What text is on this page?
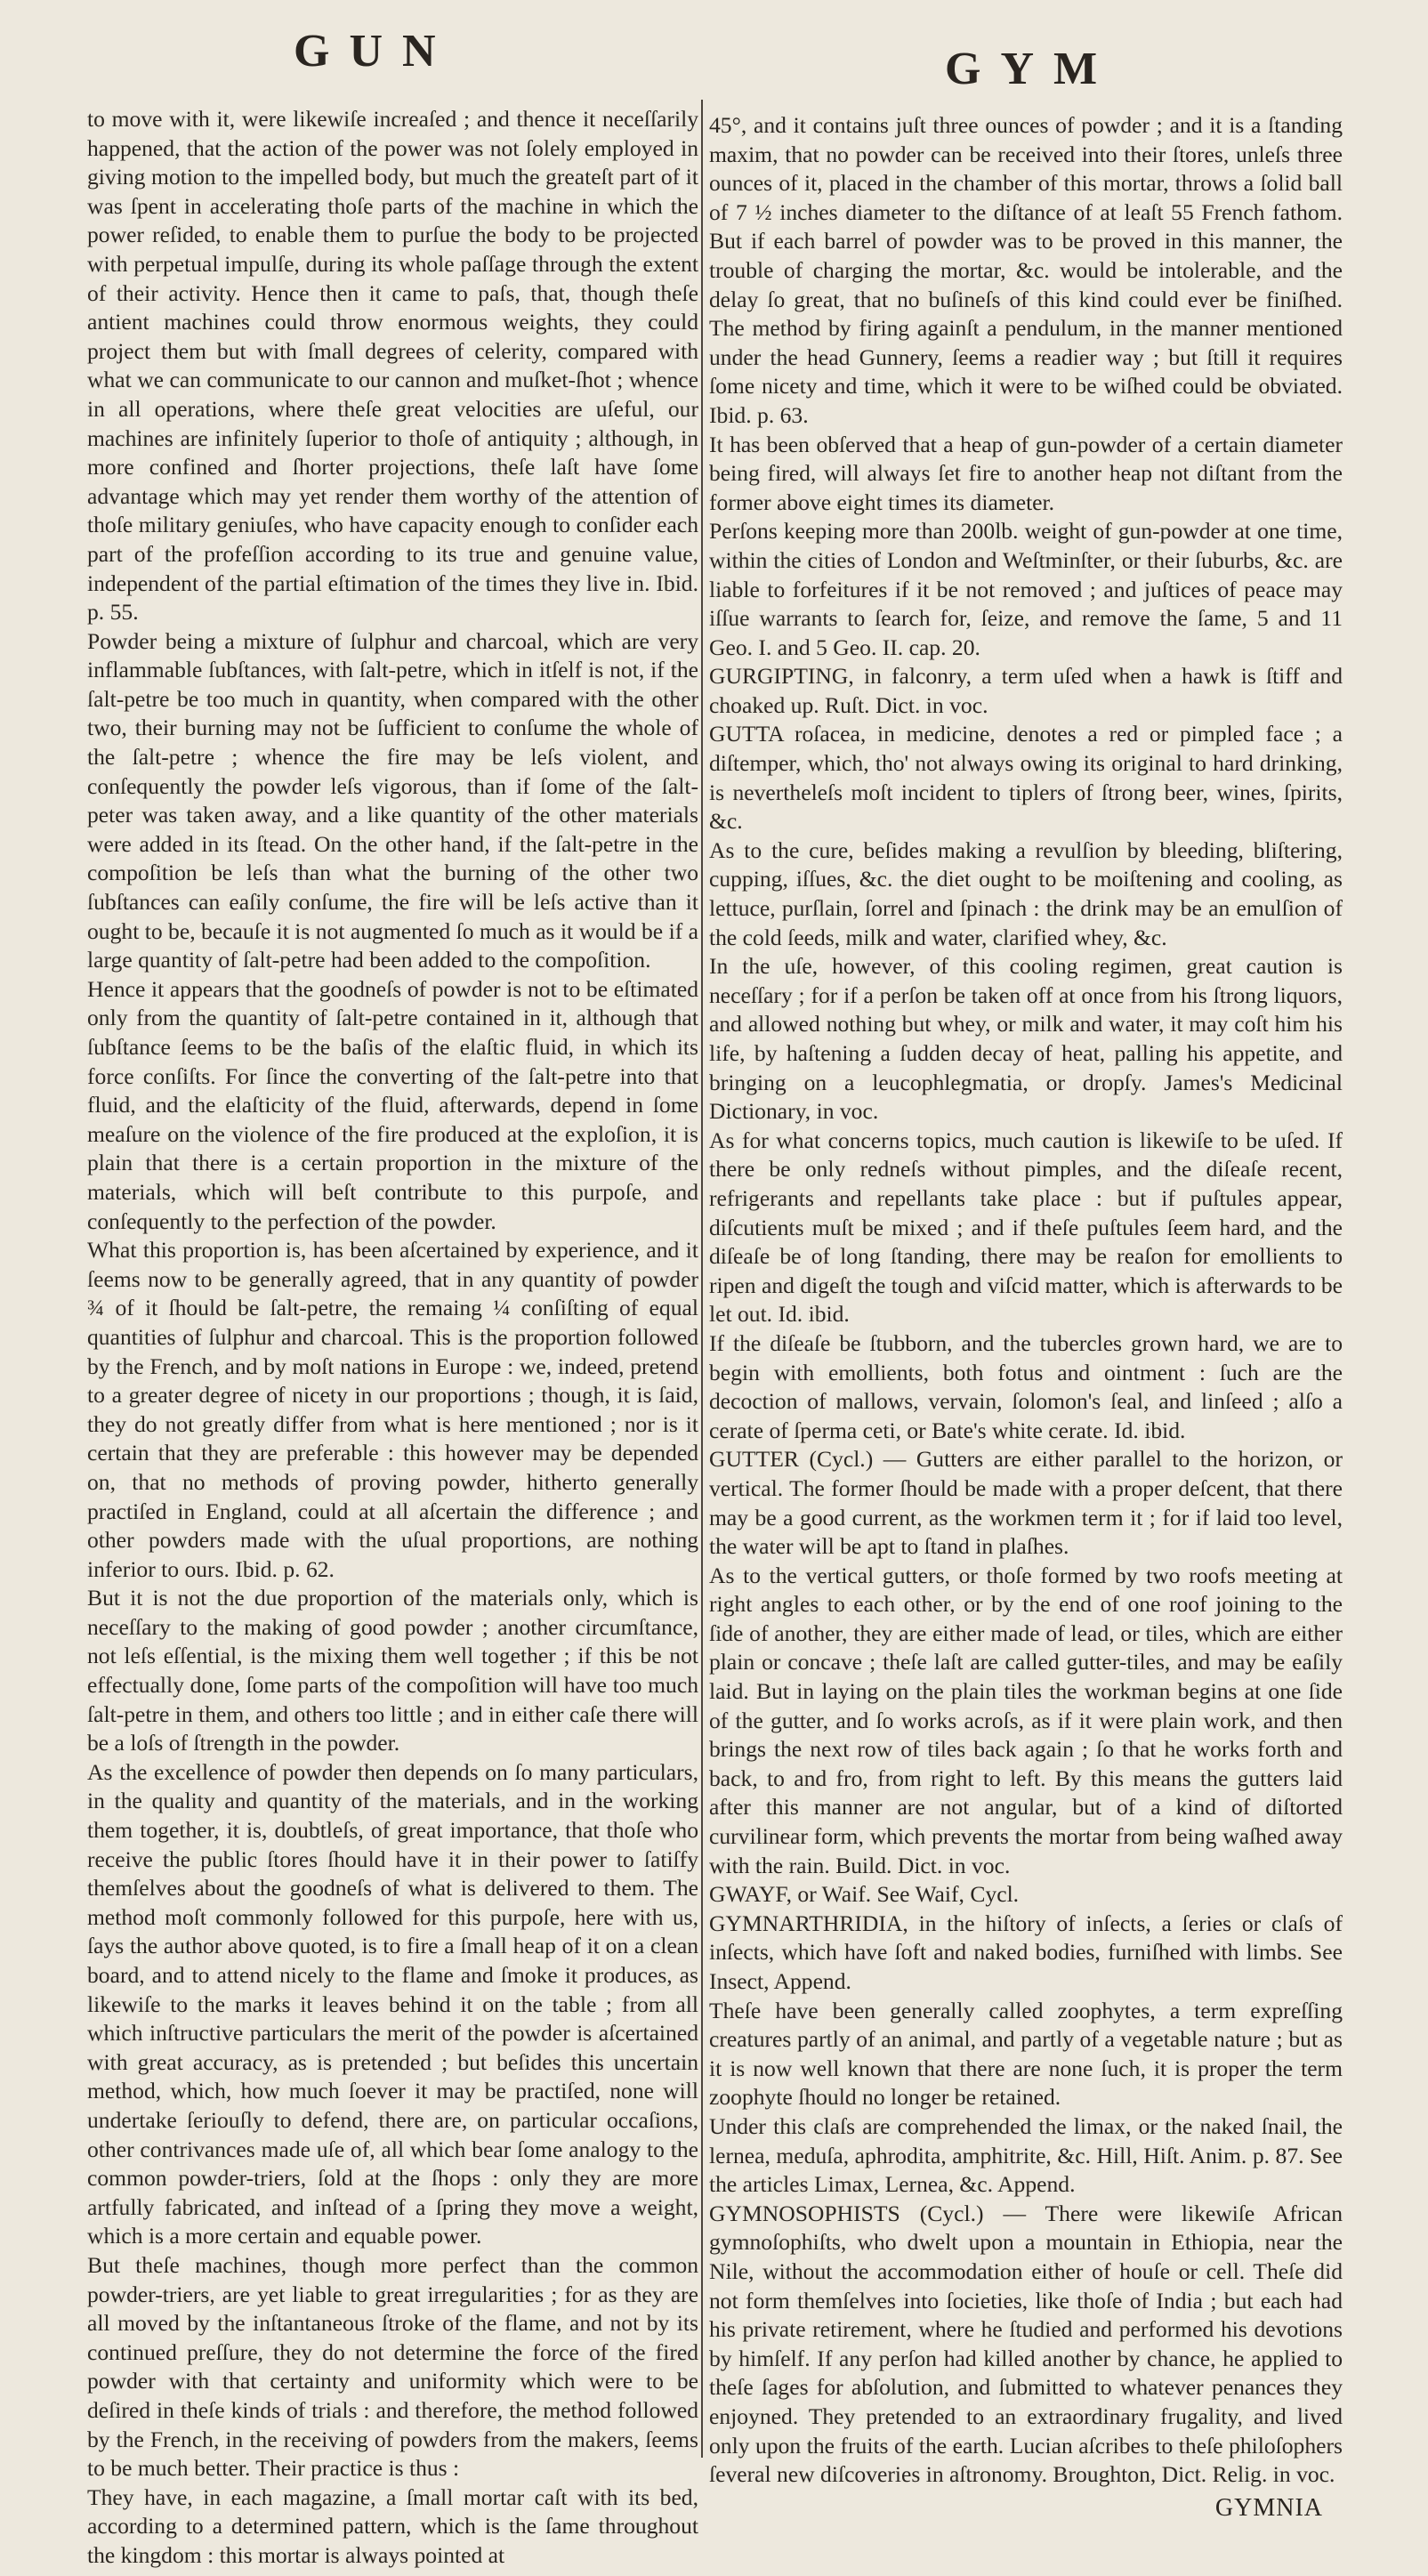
GUN	GYM

to move with it, were likewiſe increaſed ; and thence it neceſſarily happened, that the action of the power was not ſolely employed in giving motion to the impelled body, but much the greateſt part of it was ſpent in accelerating thoſe parts of the machine in which the power reſided, to enable them to purſue the body to be projected with perpetual impulſe, during its whole paſſage through the extent of their activity. Hence then it came to paſs, that, though theſe antient machines could throw enormous weights, they could project them but with ſmall degrees of celerity, compared with what we can communicate to our cannon and muſket-ſhot ; whence in all operations, where theſe great velocities are uſeful, our machines are infinitely ſuperior to thoſe of antiquity ; although, in more confined and ſhorter projections, theſe laſt have ſome advantage which may yet render them worthy of the attention of thoſe military geniuſes, who have capacity enough to conſider each part of the profeſſion according to its true and genuine value, independent of the partial eſtimation of the times they live in. Ibid. p. 55.

Powder being a mixture of ſulphur and charcoal, which are very inflammable ſubſtances, with ſalt-petre, which in itſelf is not, if the ſalt-petre be too much in quantity, when compared with the other two, their burning may not be ſufficient to conſume the whole of the ſalt-petre ; whence the fire may be leſs violent, and conſequently the powder leſs vigorous, than if ſome of the ſalt-peter was taken away, and a like quantity of the other materials were added in its ſtead. On the other hand, if the ſalt-petre in the compoſition be leſs than what the burning of the other two ſubſtances can eaſily conſume, the fire will be leſs active than it ought to be, becauſe it is not augmented ſo much as it would be if a large quantity of ſalt-petre had been added to the compoſition.

Hence it appears that the goodneſs of powder is not to be eſtimated only from the quantity of ſalt-petre contained in it, although that ſubſtance ſeems to be the baſis of the elaſtic fluid, in which its force conſiſts. For ſince the converting of the ſalt-petre into that fluid, and the elaſticity of the fluid, afterwards, depend in ſome meaſure on the violence of the fire produced at the exploſion, it is plain that there is a certain proportion in the mixture of the materials, which will beſt contribute to this purpoſe, and conſequently to the perfection of the powder.

What this proportion is, has been aſcertained by experience, and it ſeems now to be generally agreed, that in any quantity of powder ¾ of it ſhould be ſalt-petre, the remaing ¼ conſiſting of equal quantities of ſulphur and charcoal. This is the proportion followed by the French, and by moſt nations in Europe : we, indeed, pretend to a greater degree of nicety in our proportions ; though, it is ſaid, they do not greatly differ from what is here mentioned ; nor is it certain that they are preferable : this however may be depended on, that no methods of proving powder, hitherto generally practiſed in England, could at all aſcertain the difference ; and other powders made with the uſual proportions, are nothing inferior to ours. Ibid. p. 62.

But it is not the due proportion of the materials only, which is neceſſary to the making of good powder ; another circumſtance, not leſs eſſential, is the mixing them well together ; if this be not effectually done, ſome parts of the compoſition will have too much ſalt-petre in them, and others too little ; and in either caſe there will be a loſs of ſtrength in the powder.

As the excellence of powder then depends on ſo many particulars, in the quality and quantity of the materials, and in the working them together, it is, doubtleſs, of great importance, that thoſe who receive the public ſtores ſhould have it in their power to ſatiſfy themſelves about the goodneſs of what is delivered to them. The method moſt commonly followed for this purpoſe, here with us, ſays the author above quoted, is to fire a ſmall heap of it on a clean board, and to attend nicely to the flame and ſmoke it produces, as likewiſe to the marks it leaves behind it on the table ; from all which inſtructive particulars the merit of the powder is aſcertained with great accuracy, as is pretended ; but beſides this uncertain method, which, how much ſoever it may be practiſed, none will undertake ſeriouſly to defend, there are, on particular occaſions, other contrivances made uſe of, all which bear ſome analogy to the common powder-triers, ſold at the ſhops : only they are more artfully fabricated, and inſtead of a ſpring they move a weight, which is a more certain and equable power.

But theſe machines, though more perfect than the common powder-triers, are yet liable to great irregularities ; for as they are all moved by the inſtantaneous ſtroke of the flame, and not by its continued preſſure, they do not determine the force of the fired powder with that certainty and uniformity which were to be deſired in theſe kinds of trials : and therefore, the method followed by the French, in the receiving of powders from the makers, ſeems to be much better. Their practice is thus :

They have, in each magazine, a ſmall mortar caſt with its bed, according to a determined pattern, which is the ſame throughout the kingdom : this mortar is always pointed at

45°, and it contains juſt three ounces of powder ; and it is a ſtanding maxim, that no powder can be received into their ſtores, unleſs three ounces of it, placed in the chamber of this mortar, throws a ſolid ball of 7 ½ inches diameter to the diſtance of at leaſt 55 French fathom. But if each barrel of powder was to be proved in this manner, the trouble of charging the mortar, &c. would be intolerable, and the delay ſo great, that no buſineſs of this kind could ever be finiſhed. The method by firing againſt a pendulum, in the manner mentioned under the head Gunnery, ſeems a readier way ; but ſtill it requires ſome nicety and time, which it were to be wiſhed could be obviated. Ibid. p. 63.

It has been obſerved that a heap of gun-powder of a certain diameter being fired, will always ſet fire to another heap not diſtant from the former above eight times its diameter.

Perſons keeping more than 200lb. weight of gun-powder at one time, within the cities of London and Weſtminſter, or their ſuburbs, &c. are liable to forfeitures if it be not removed ; and juſtices of peace may iſſue warrants to ſearch for, ſeize, and remove the ſame, 5 and 11 Geo. I. and 5 Geo. II. cap. 20.

GURGIPTING, in falconry, a term uſed when a hawk is ſtiff and choaked up. Ruſt. Dict. in voc.

GUTTA roſacea, in medicine, denotes a red or pimpled face ; a diſtemper, which, tho' not always owing its original to hard drinking, is nevertheleſs moſt incident to tiplers of ſtrong beer, wines, ſpirits, &c.

As to the cure, beſides making a revulſion by bleeding, bliſtering, cupping, iſſues, &c. the diet ought to be moiſtening and cooling, as lettuce, purſlain, ſorrel and ſpinach : the drink may be an emulſion of the cold ſeeds, milk and water, clarified whey, &c.

In the uſe, however, of this cooling regimen, great caution is neceſſary ; for if a perſon be taken off at once from his ſtrong liquors, and allowed nothing but whey, or milk and water, it may coſt him his life, by haſtening a ſudden decay of heat, palling his appetite, and bringing on a leucophlegmatia, or dropſy. James's Medicinal Dictionary, in voc.

As for what concerns topics, much caution is likewiſe to be uſed. If there be only redneſs without pimples, and the diſeaſe recent, refrigerants and repellants take place : but if puſtules appear, diſcutients muſt be mixed ; and if theſe puſtules ſeem hard, and the diſeaſe be of long ſtanding, there may be reaſon for emollients to ripen and digeſt the tough and viſcid matter, which is afterwards to be let out. Id. ibid.

If the diſeaſe be ſtubborn, and the tubercles grown hard, we are to begin with emollients, both fotus and ointment : ſuch are the decoction of mallows, vervain, ſolomon's ſeal, and linſeed ; alſo a cerate of ſperma ceti, or Bate's white cerate. Id. ibid.

GUTTER (Cycl.) — Gutters are either parallel to the horizon, or vertical. The former ſhould be made with a proper deſcent, that there may be a good current, as the workmen term it ; for if laid too level, the water will be apt to ſtand in plaſhes.

As to the vertical gutters, or thoſe formed by two roofs meeting at right angles to each other, or by the end of one roof joining to the ſide of another, they are either made of lead, or tiles, which are either plain or concave ; theſe laſt are called gutter-tiles, and may be eaſily laid. But in laying on the plain tiles the workman begins at one ſide of the gutter, and ſo works acroſs, as if it were plain work, and then brings the next row of tiles back again ; ſo that he works forth and back, to and fro, from right to left. By this means the gutters laid after this manner are not angular, but of a kind of diſtorted curvilinear form, which prevents the mortar from being waſhed away with the rain. Build. Dict. in voc.

GWAYF, or Waif. See Waif, Cycl.

GYMNARTHRIDIA, in the hiſtory of inſects, a ſeries or claſs of inſects, which have ſoft and naked bodies, furniſhed with limbs. See Insect, Append.

Theſe have been generally called zoophytes, a term expreſſing creatures partly of an animal, and partly of a vegetable nature ; but as it is now well known that there are none ſuch, it is proper the term zoophyte ſhould no longer be retained.

Under this claſs are comprehended the limax, or the naked ſnail, the lernea, meduſa, aphrodita, amphitrite, &c. Hill, Hiſt. Anim. p. 87. See the articles Limax, Lernea, &c. Append.

GYMNOSOPHISTS (Cycl.) — There were likewiſe African gymnoſophiſts, who dwelt upon a mountain in Ethiopia, near the Nile, without the accommodation either of houſe or cell. Theſe did not form themſelves into ſocieties, like thoſe of India ; but each had his private retirement, where he ſtudied and performed his devotions by himſelf. If any perſon had killed another by chance, he applied to theſe ſages for abſolution, and ſubmitted to whatever penances they enjoyned. They pretended to an extraordinary frugality, and lived only upon the fruits of the earth. Lucian aſcribes to theſe philoſophers ſeveral new diſcoveries in aſtronomy. Broughton, Dict. Relig. in voc.

GYMNIA
